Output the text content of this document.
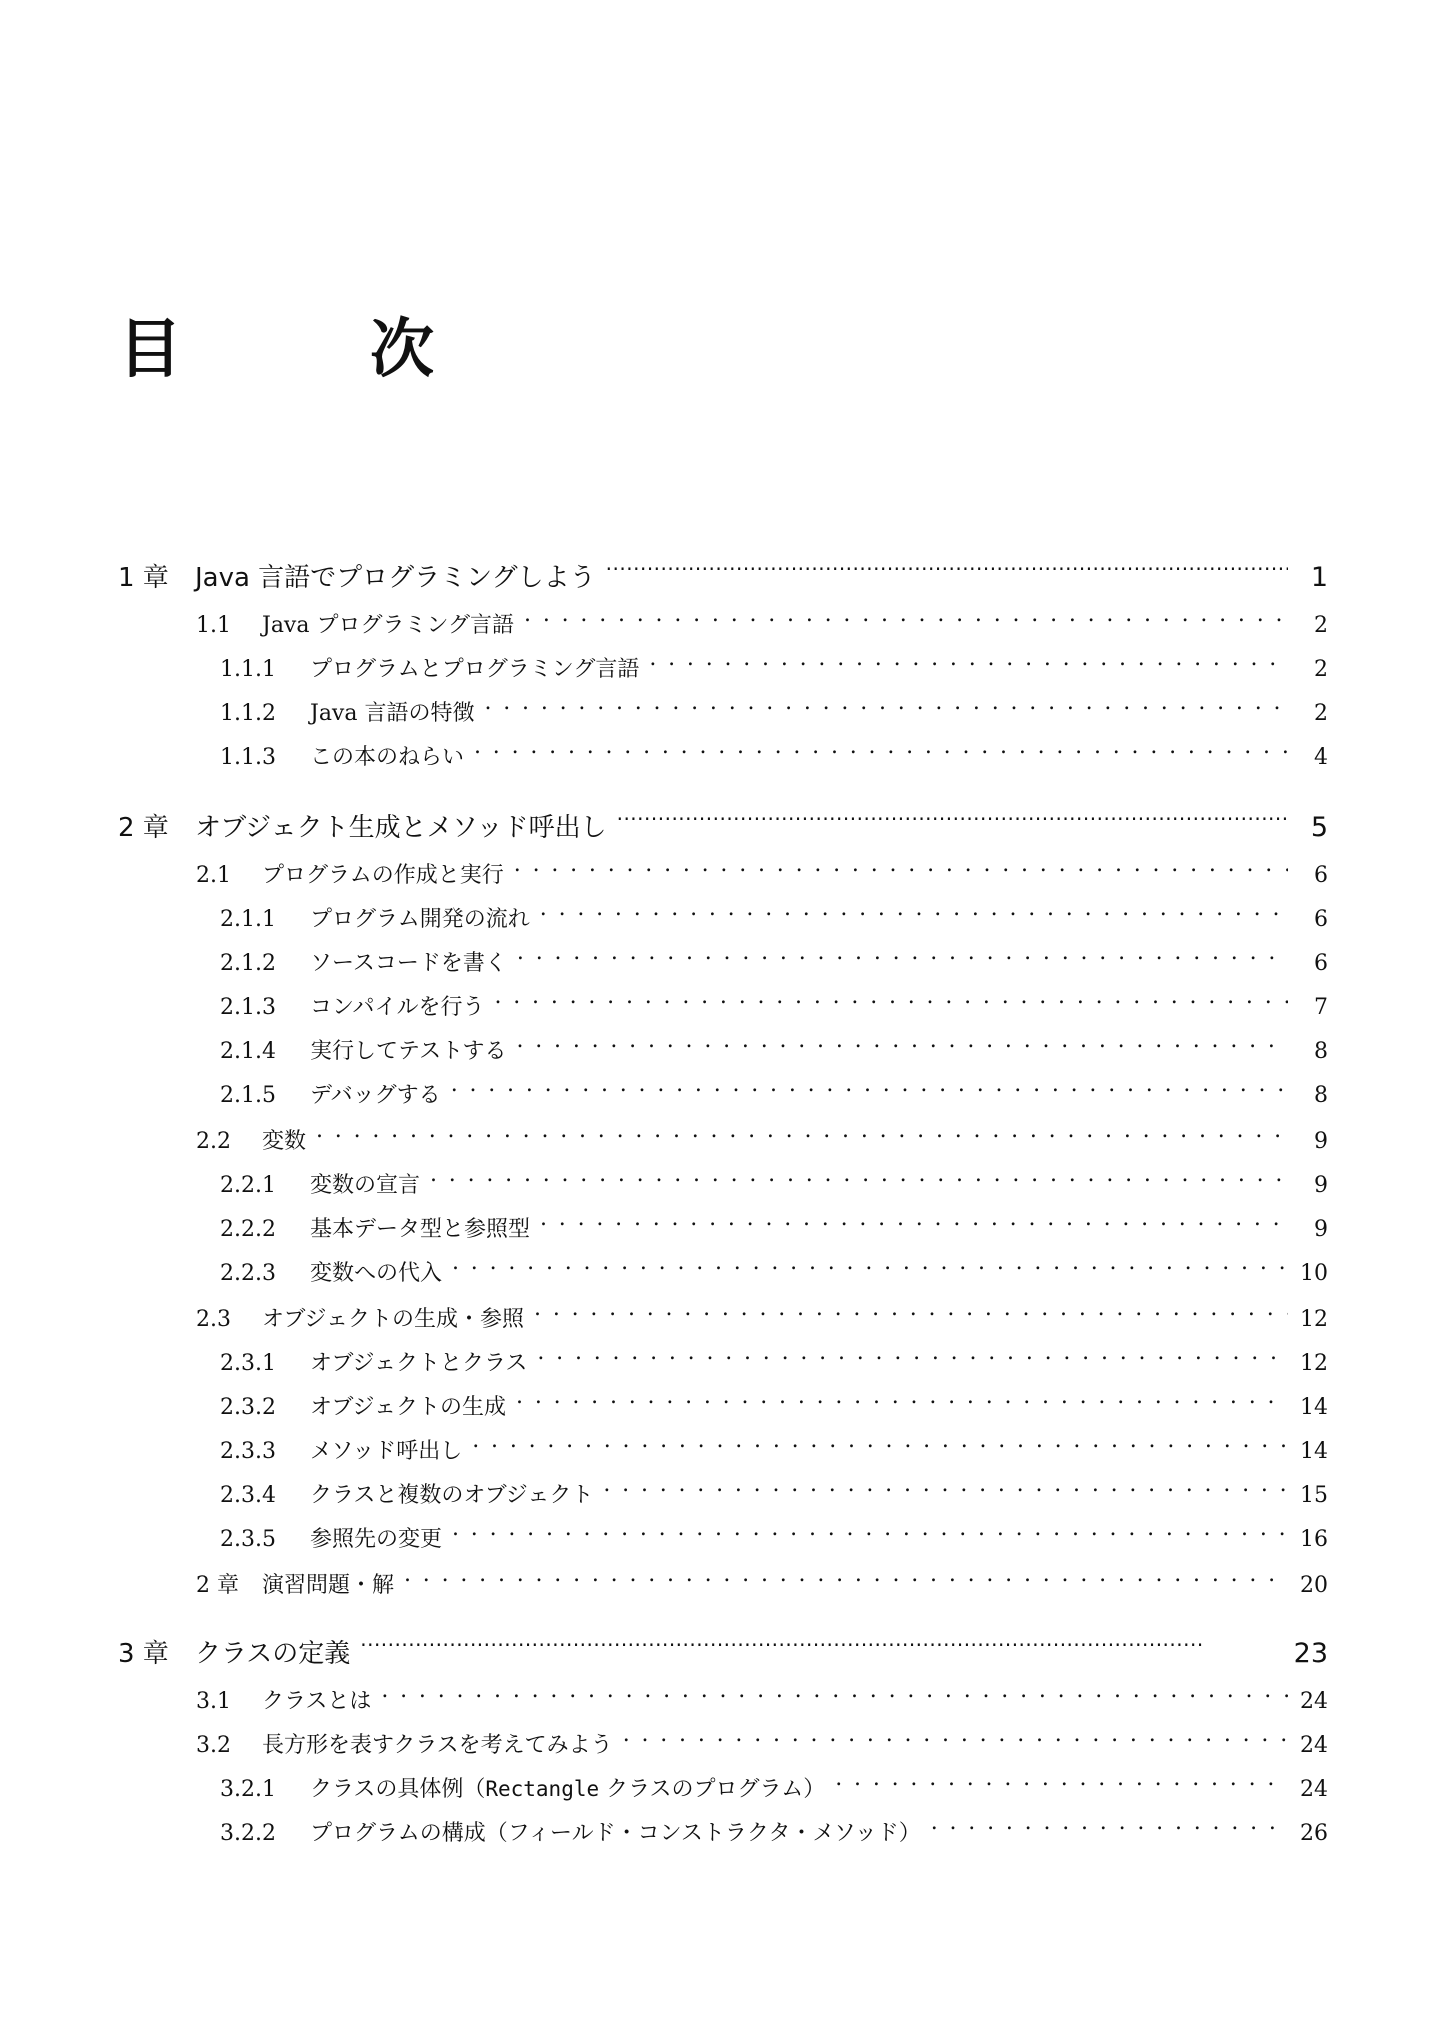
目　次
1 章	Java 言語でプログラミングしよう ·····	1
1.1	Java プログラミング言語 . . .	2
1.1.1	プログラムとプログラミング言語 . . .	2
1.1.2	Java 言語の特徴 . . .	2
1.1.3	この本のねらい . . .	4
2 章	オブジェクト生成とメソッド呼出し ·····	5
2.1	プログラムの作成と実行 . . .	6
2.1.1	プログラム開発の流れ . . .	6
2.1.2	ソースコードを書く . . .	6
2.1.3	コンパイルを行う . . .	7
2.1.4	実行してテストする . . .	8
2.1.5	デバッグする . . .	8
2.2	変数 . . .	9
2.2.1	変数の宣言 . . .	9
2.2.2	基本データ型と参照型 . . .	9
2.2.3	変数への代入 . . .	10
2.3	オブジェクトの生成・参照 . . .	12
2.3.1	オブジェクトとクラス . . .	12
2.3.2	オブジェクトの生成 . . .	14
2.3.3	メソッド呼出し . . .	14
2.3.4	クラスと複数のオブジェクト . . .	15
2.3.5	参照先の変更 . . .	16
2 章	演習問題・解 . . .	20
3 章	クラスの定義 ·····	23
3.1	クラスとは . . .	24
3.2	長方形を表すクラスを考えてみよう . . .	24
3.2.1	クラスの具体例（Rectangle クラスのプログラム） . . .	24
3.2.2	プログラムの構成（フィールド・コンストラクタ・メソッド） . . .	26
